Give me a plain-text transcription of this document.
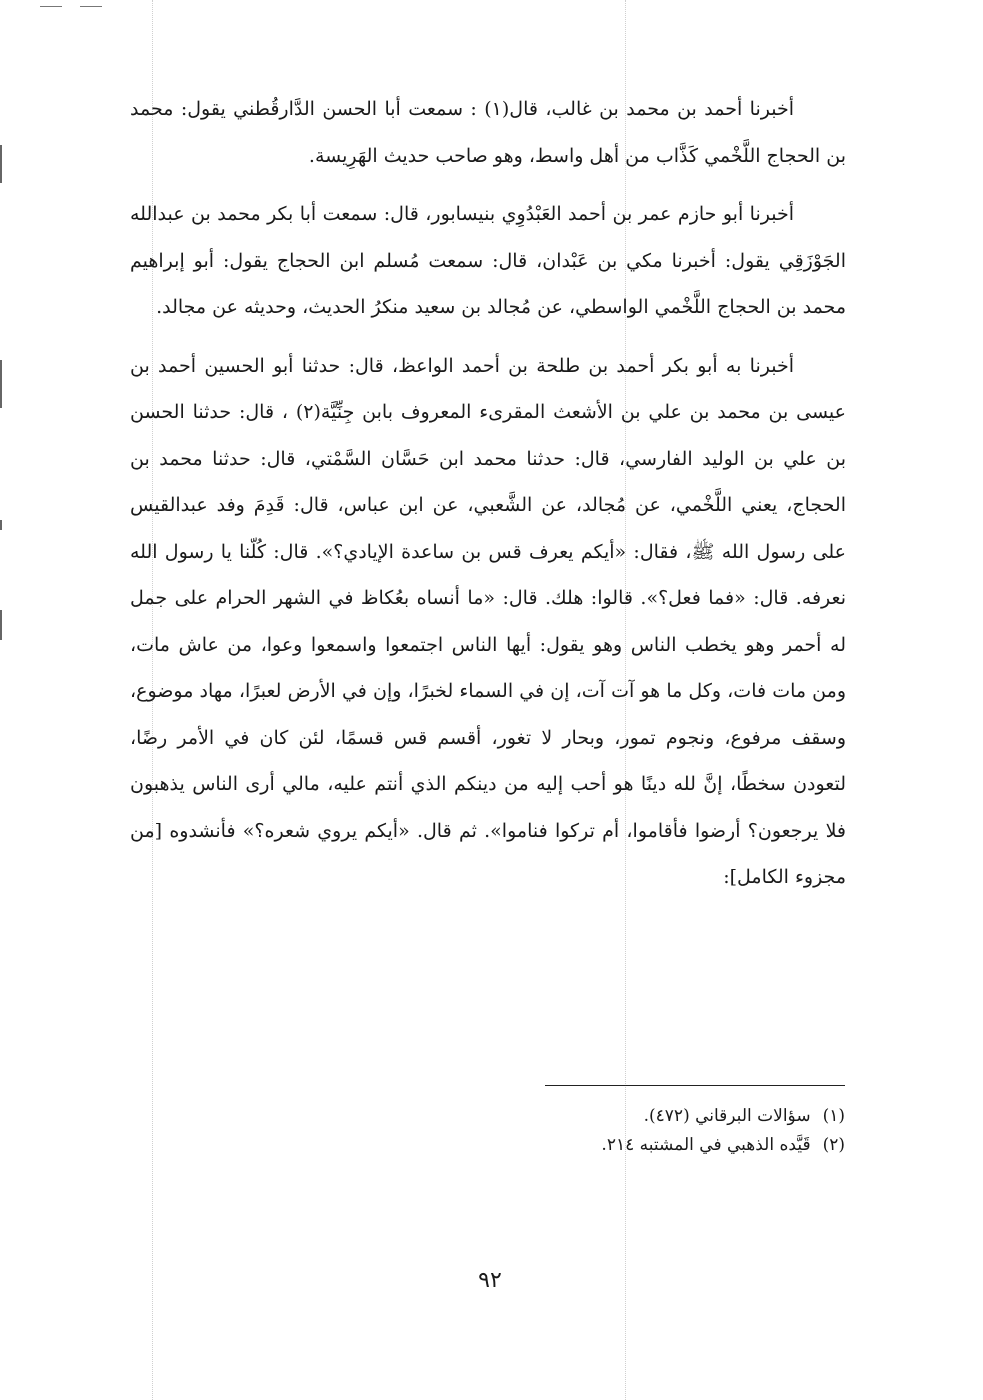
أخبرنا أحمد بن محمد بن غالب، قال(١) : سمعت أبا الحسن الدَّارقُطني يقول: محمد بن الحجاج اللَّخْمي كَذَّاب من أهل واسط، وهو صاحب حديث الهَرِيسة.

أخبرنا أبو حازم عمر بن أحمد العَبْدُوِي بنيسابور، قال: سمعت أبا بكر محمد بن عبدالله الجَوْزَقِي يقول: أخبرنا مكي بن عَبْدان، قال: سمعت مُسلم ابن الحجاج يقول: أبو إبراهيم محمد بن الحجاج اللَّخْمي الواسطي، عن مُجالد بن سعيد منكرُ الحديث، وحديثه عن مجالد.

أخبرنا به أبو بكر أحمد بن طلحة بن أحمد الواعظ، قال: حدثنا أبو الحسين أحمد بن عيسى بن محمد بن علي بن الأشعث المقرىء المعروف بابن جِنِّيَّة(٢) ، قال: حدثنا الحسن بن علي بن الوليد الفارسي، قال: حدثنا محمد ابن حَسَّان السَّمْتي، قال: حدثنا محمد بن الحجاج، يعني اللَّخْمي، عن مُجالد، عن الشَّعبي، عن ابن عباس، قال: قَدِمَ وفد عبدالقيس على رسول الله ﷺ، فقال: «أيكم يعرف قس بن ساعدة الإيادي؟». قال: كُلّنا يا رسول الله نعرفه. قال: «فما فعل؟». قالوا: هلك. قال: «ما أنساه بعُكاظ في الشهر الحرام على جمل له أحمر وهو يخطب الناس وهو يقول: أيها الناس اجتمعوا واسمعوا وعوا، من عاش مات، ومن مات فات، وكل ما هو آت آت، إن في السماء لخبرًا، وإن في الأرض لعبرًا، مهاد موضوع، وسقف مرفوع، ونجوم تمور، وبحار لا تغور، أقسم قس قسمًا، لئن كان في الأمر رضًا، لتعودن سخطًا، إنَّ لله دينًا هو أحب إليه من دينكم الذي أنتم عليه، مالي أرى الناس يذهبون فلا يرجعون؟ أرضوا فأقاموا، أم تركوا فناموا». ثم قال. «أيكم يروي شعره؟» فأنشدوه [من مجزوء الكامل]:

(١)سؤالات البرقاني (٤٧٢).

(٢)قَيَّده الذهبي في المشتبه ٢١٤.

٩٢
